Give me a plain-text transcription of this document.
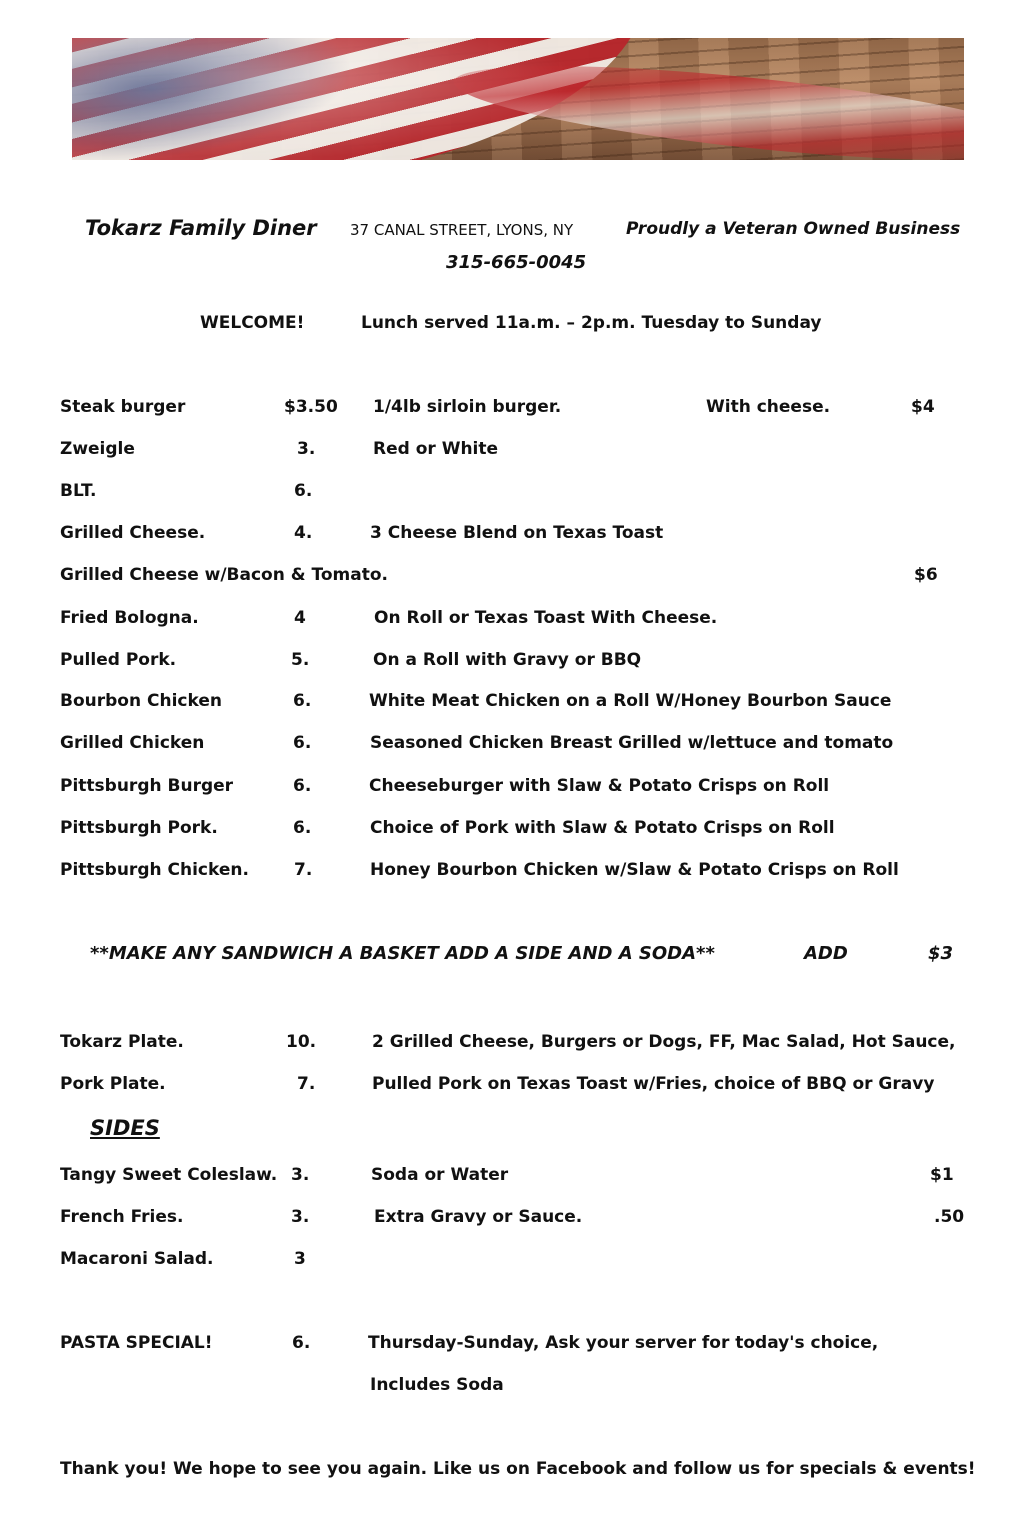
Tokarz Family Diner 37 CANAL STREET, LYONS, NY	Proudly a Veteran Owned Business
315-665-0045
WELCOME!	Lunch served 11a.m. – 2p.m. Tuesday to Sunday
Steak burger	$3.50 1/4lb sirloin burger.	With cheese.	$4
Zweigle	3.	Red or White
BLT.	6.
Grilled Cheese.	4.	3 Cheese Blend on Texas Toast
Grilled Cheese w/Bacon & Tomato.	$6
Fried Bologna.	4	On Roll or Texas Toast With Cheese.
Pulled Pork.	5.	On a Roll with Gravy or BBQ
Bourbon Chicken	6.	White Meat Chicken on a Roll W/Honey Bourbon Sauce
Grilled Chicken	6.	Seasoned Chicken Breast Grilled w/lettuce and tomato
Pittsburgh Burger	6.	Cheeseburger with Slaw & Potato Crisps on Roll
Pittsburgh Pork.	6.	Choice of Pork with Slaw & Potato Crisps on Roll
Pittsburgh Chicken.	7.	Honey Bourbon Chicken w/Slaw & Potato Crisps on Roll
**MAKE ANY SANDWICH A BASKET ADD A SIDE AND A SODA**	ADD	$3
Tokarz Plate.	10.	2 Grilled Cheese, Burgers or Dogs, FF, Mac Salad, Hot Sauce,
Pork Plate.	7.	Pulled Pork on Texas Toast w/Fries, choice of BBQ or Gravy
SIDES
Tangy Sweet Coleslaw. 3.	Soda or Water	$1
French Fries.	3.	Extra Gravy or Sauce.	.50
Macaroni Salad.	3
PASTA SPECIAL!	6.	Thursday-Sunday, Ask your server for today's choice,
Includes Soda
Thank you! We hope to see you again. Like us on Facebook and follow us for specials & events!
